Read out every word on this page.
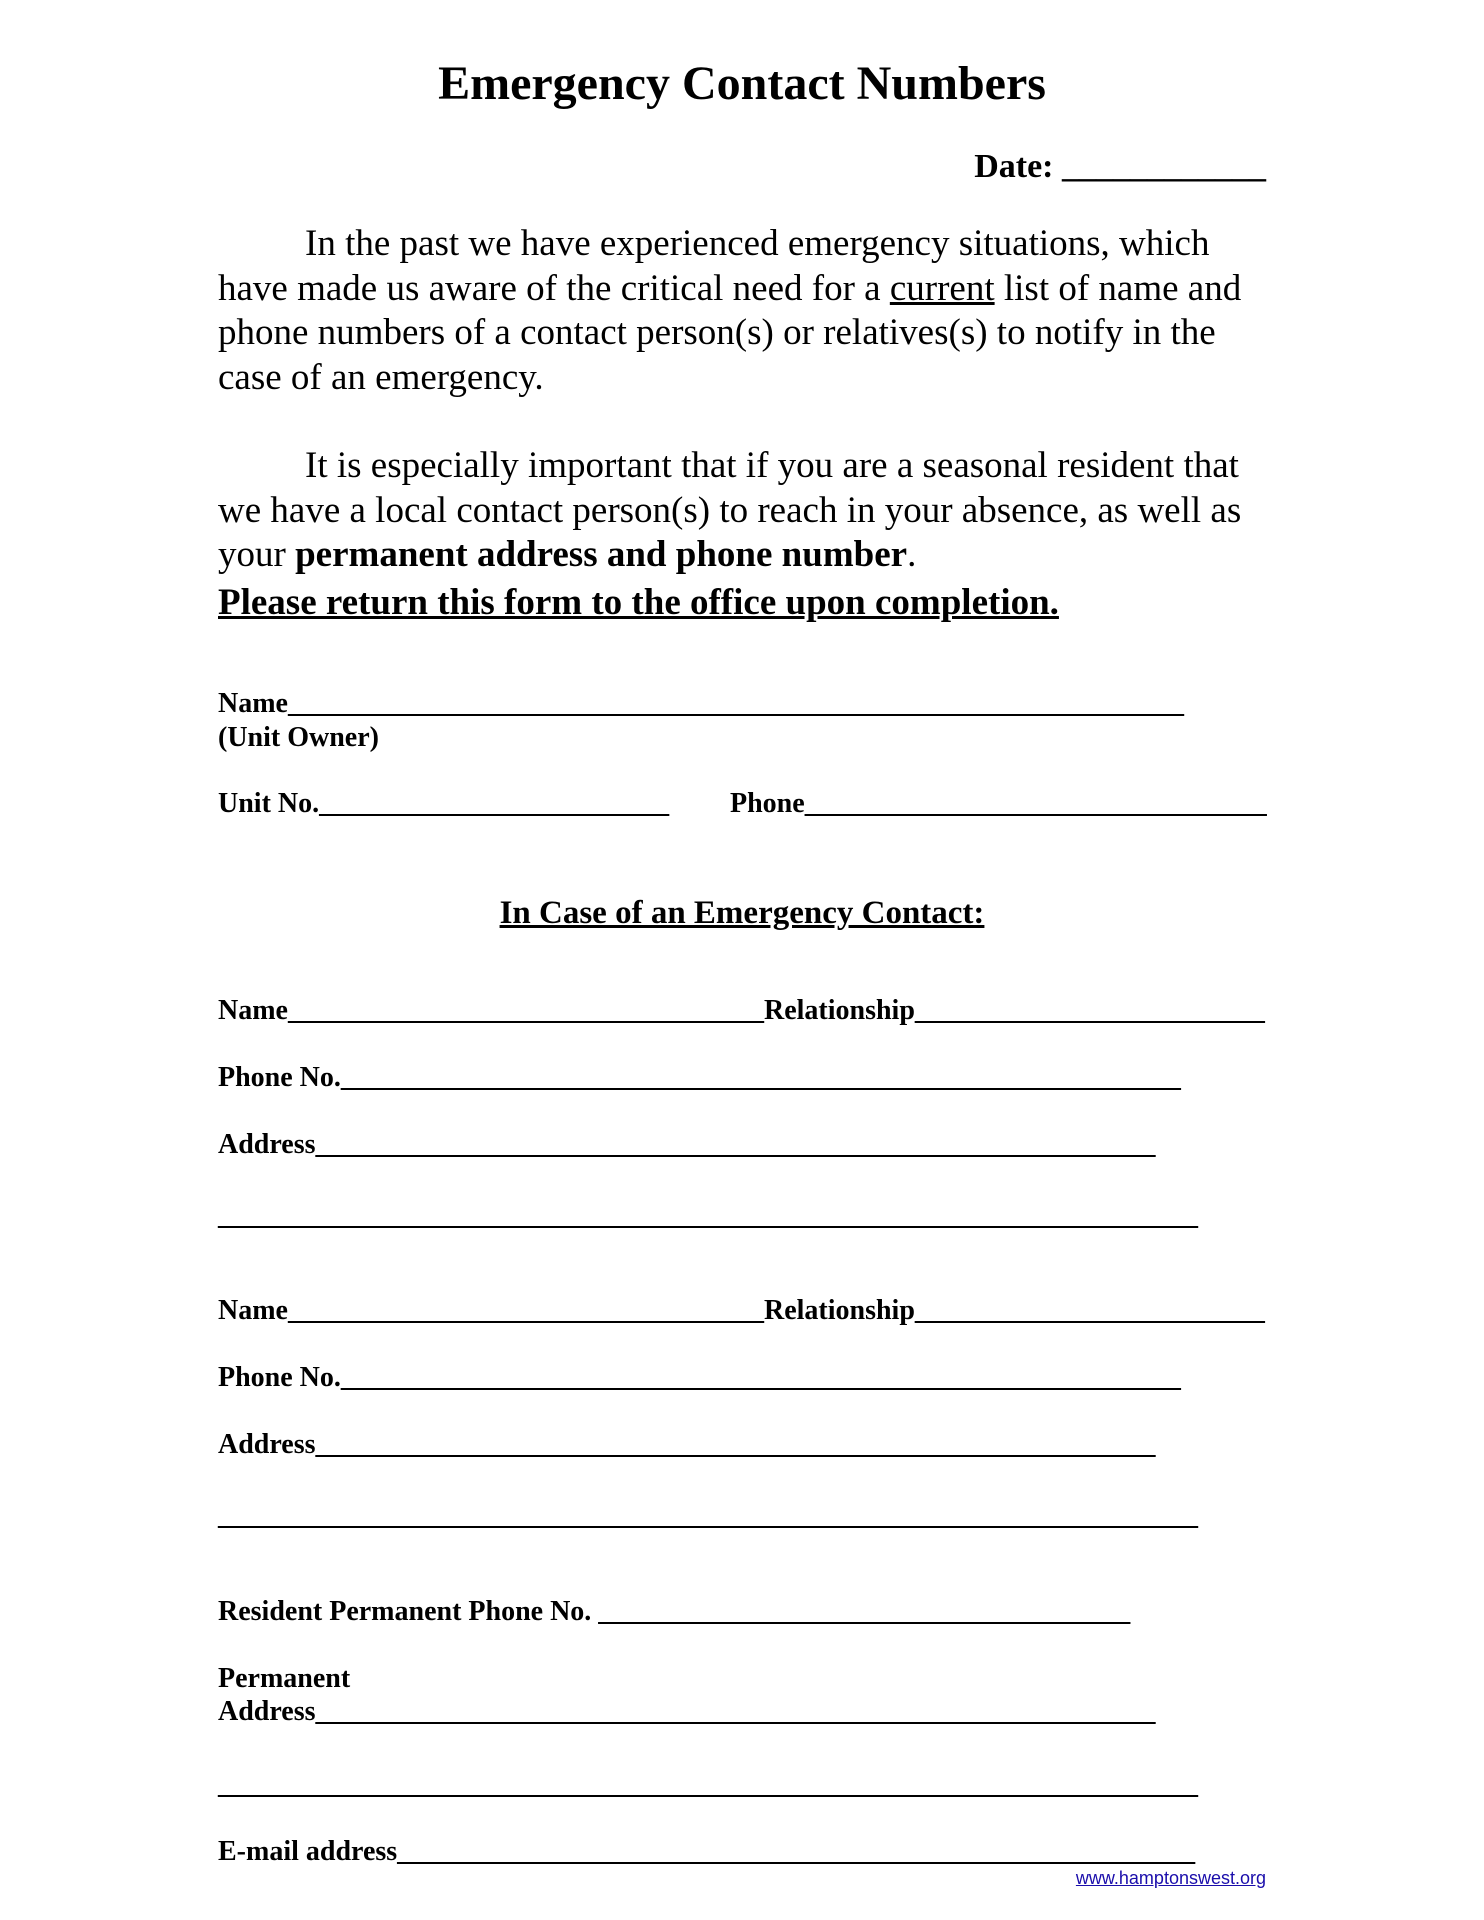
Emergency Contact Numbers
Date: ____________

In the past we have experienced emergency situations, which have made us aware of the critical need for a current list of name and phone numbers of a contact person(s) or relatives(s) to notify in the case of an emergency.

It is especially important that if you are a seasonal resident that we have a local contact person(s) to reach in your absence, as well as your permanent address and phone number.

Please return this form to the office upon completion.
Name________________________________________________________________
(Unit Owner)
Unit No._________________________ Phone_________________________________
In Case of an Emergency Contact:
Name__________________________________Relationship_________________________
Phone No.____________________________________________________________
Address____________________________________________________________
______________________________________________________________________
Name__________________________________Relationship_________________________
Phone No.____________________________________________________________
Address____________________________________________________________
______________________________________________________________________
Resident Permanent Phone No. ______________________________________
Permanent
Address____________________________________________________________
______________________________________________________________________
E-mail address_________________________________________________________
www.hamptonswest.org
